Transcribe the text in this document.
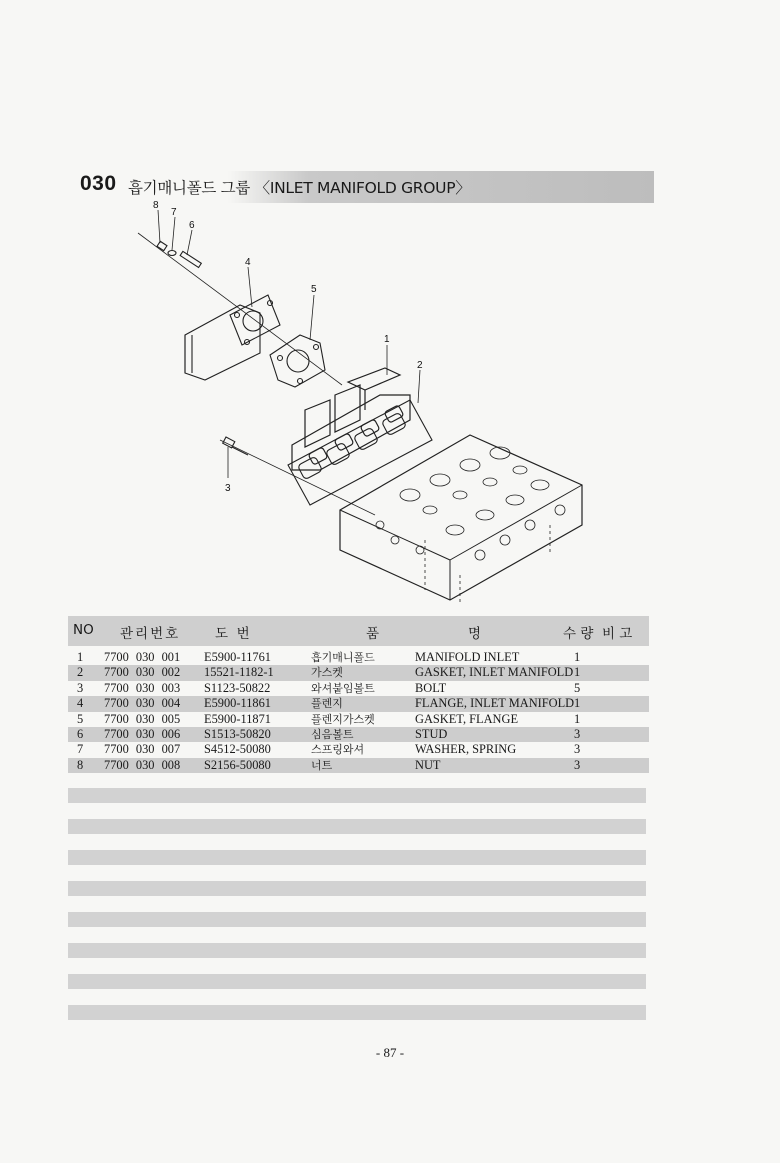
030 흡기매니폴드 그룹 〈INLET MANIFOLD GROUP〉
8
7
6
4
5
1
2
3
NO 관리번호	도  번	품	명	수 량  비 고
1 7700 030 001 E5900-11761	흡기매니폴드	MANIFOLD INLET	1
2 7700 030 002 15521-1182-1	가스켓	GASKET, INLET MANIFOLD 1
3 7700 030 003 S1123-50822	와셔붙임볼트	BOLT	5
4 7700 030 004 E5900-11861	플렌지	FLANGE, INLET MANIFOLD 1
5 7700 030 005 E5900-11871	플렌지가스켓	GASKET, FLANGE	1
6 7700 030 006 S1513-50820	심음볼트	STUD	3
7 7700 030 007 S4512-50080	스프링와셔	WASHER, SPRING	3
8 7700 030 008 S2156-50080	너트	NUT	3
- 87 -
